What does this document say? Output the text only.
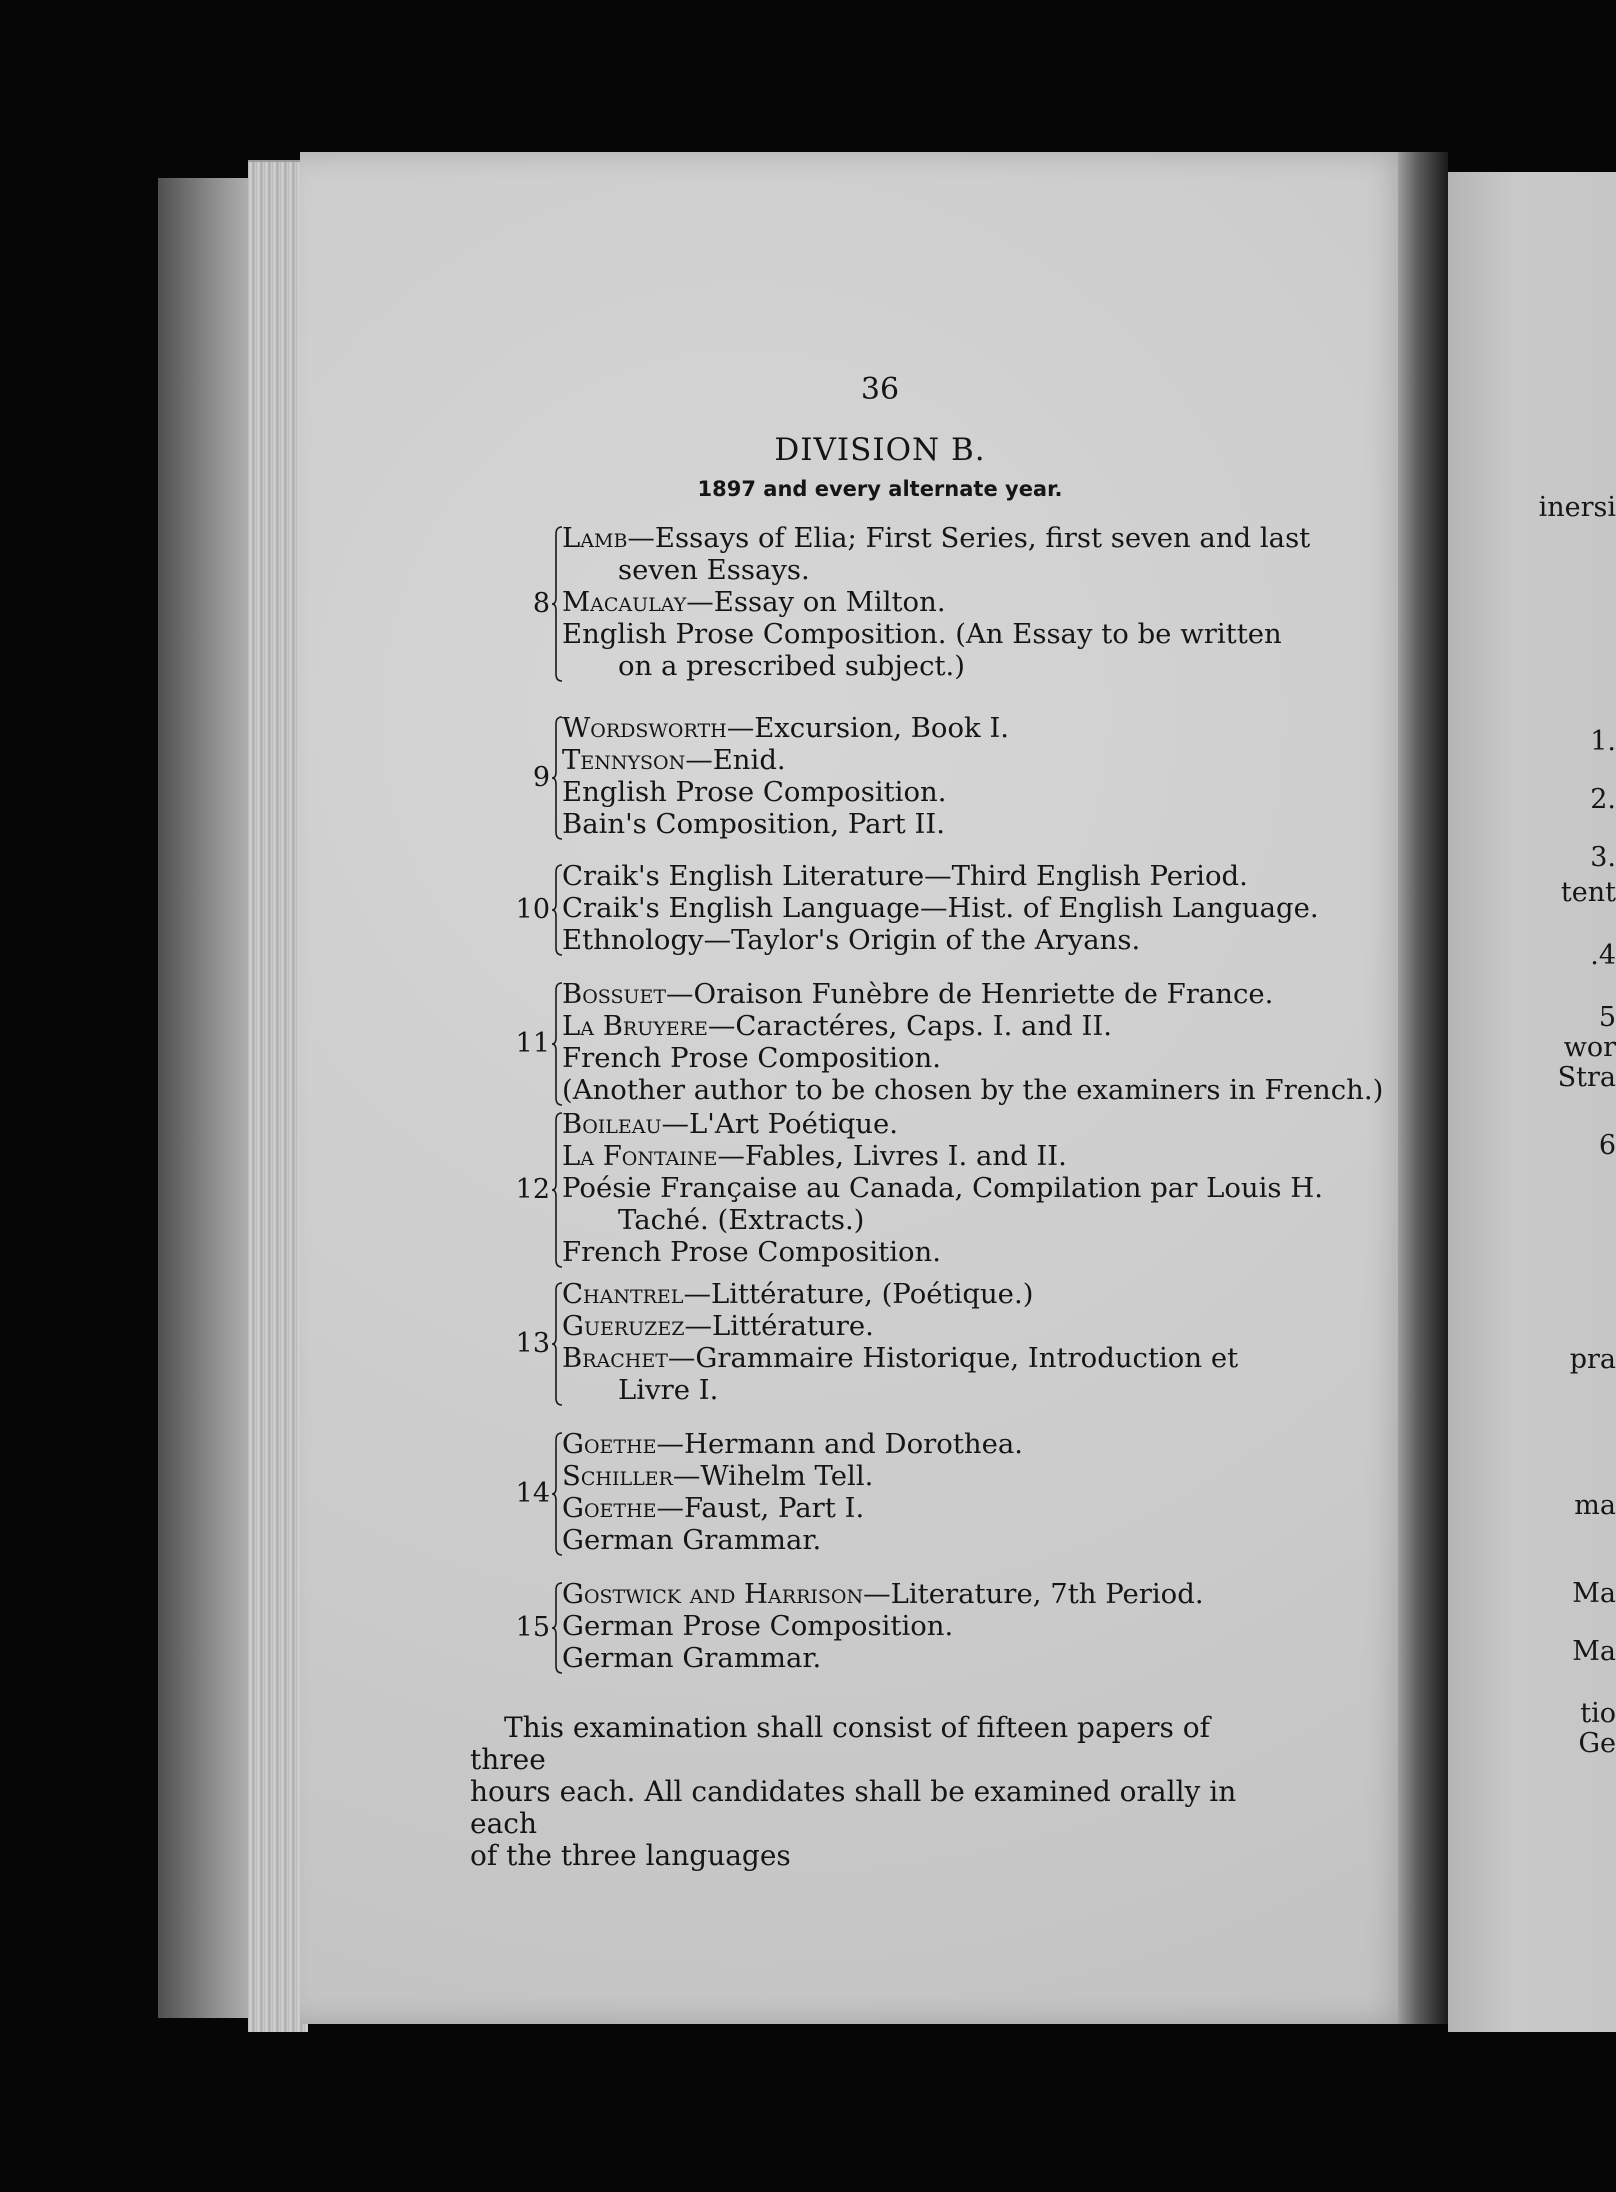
inersi
1.
2.
3.
tent
.4
5
wor
Stra
6
pra
ma
Ma
Ma
tio
Ge
36
DIVISION B.
1897 and every alternate year.
8
Lamb—Essays of Elia; First Series, first seven and last
seven Essays.
Macaulay—Essay on Milton.
English Prose Composition. (An Essay to be written
on a prescribed subject.)
9
Wordsworth—Excursion, Book I.
Tennyson—Enid.
English Prose Composition.
Bain's Composition, Part II.
10
Craik's English Literature—Third English Period.
Craik's English Language—Hist. of English Language.
Ethnology—Taylor's Origin of the Aryans.
11
Bossuet—Oraison Funèbre de Henriette de France.
La Bruyere—Caractéres, Caps. I. and II.
French Prose Composition.
(Another author to be chosen by the examiners in French.)
12
Boileau—L'Art Poétique.
La Fontaine—Fables, Livres I. and II.
Poésie Française au Canada, Compilation par Louis H.
Taché. (Extracts.)
French Prose Composition.
13
Chantrel—Littérature, (Poétique.)
Gueruzez—Littérature.
Brachet—Grammaire Historique, Introduction et
Livre I.
14
Goethe—Hermann and Dorothea.
Schiller—Wihelm Tell.
Goethe—Faust, Part I.
German Grammar.
15
Gostwick and Harrison—Literature, 7th Period.
German Prose Composition.
German Grammar.
This examination shall consist of fifteen papers of three
hours each. All candidates shall be examined orally in each
of the three languages
